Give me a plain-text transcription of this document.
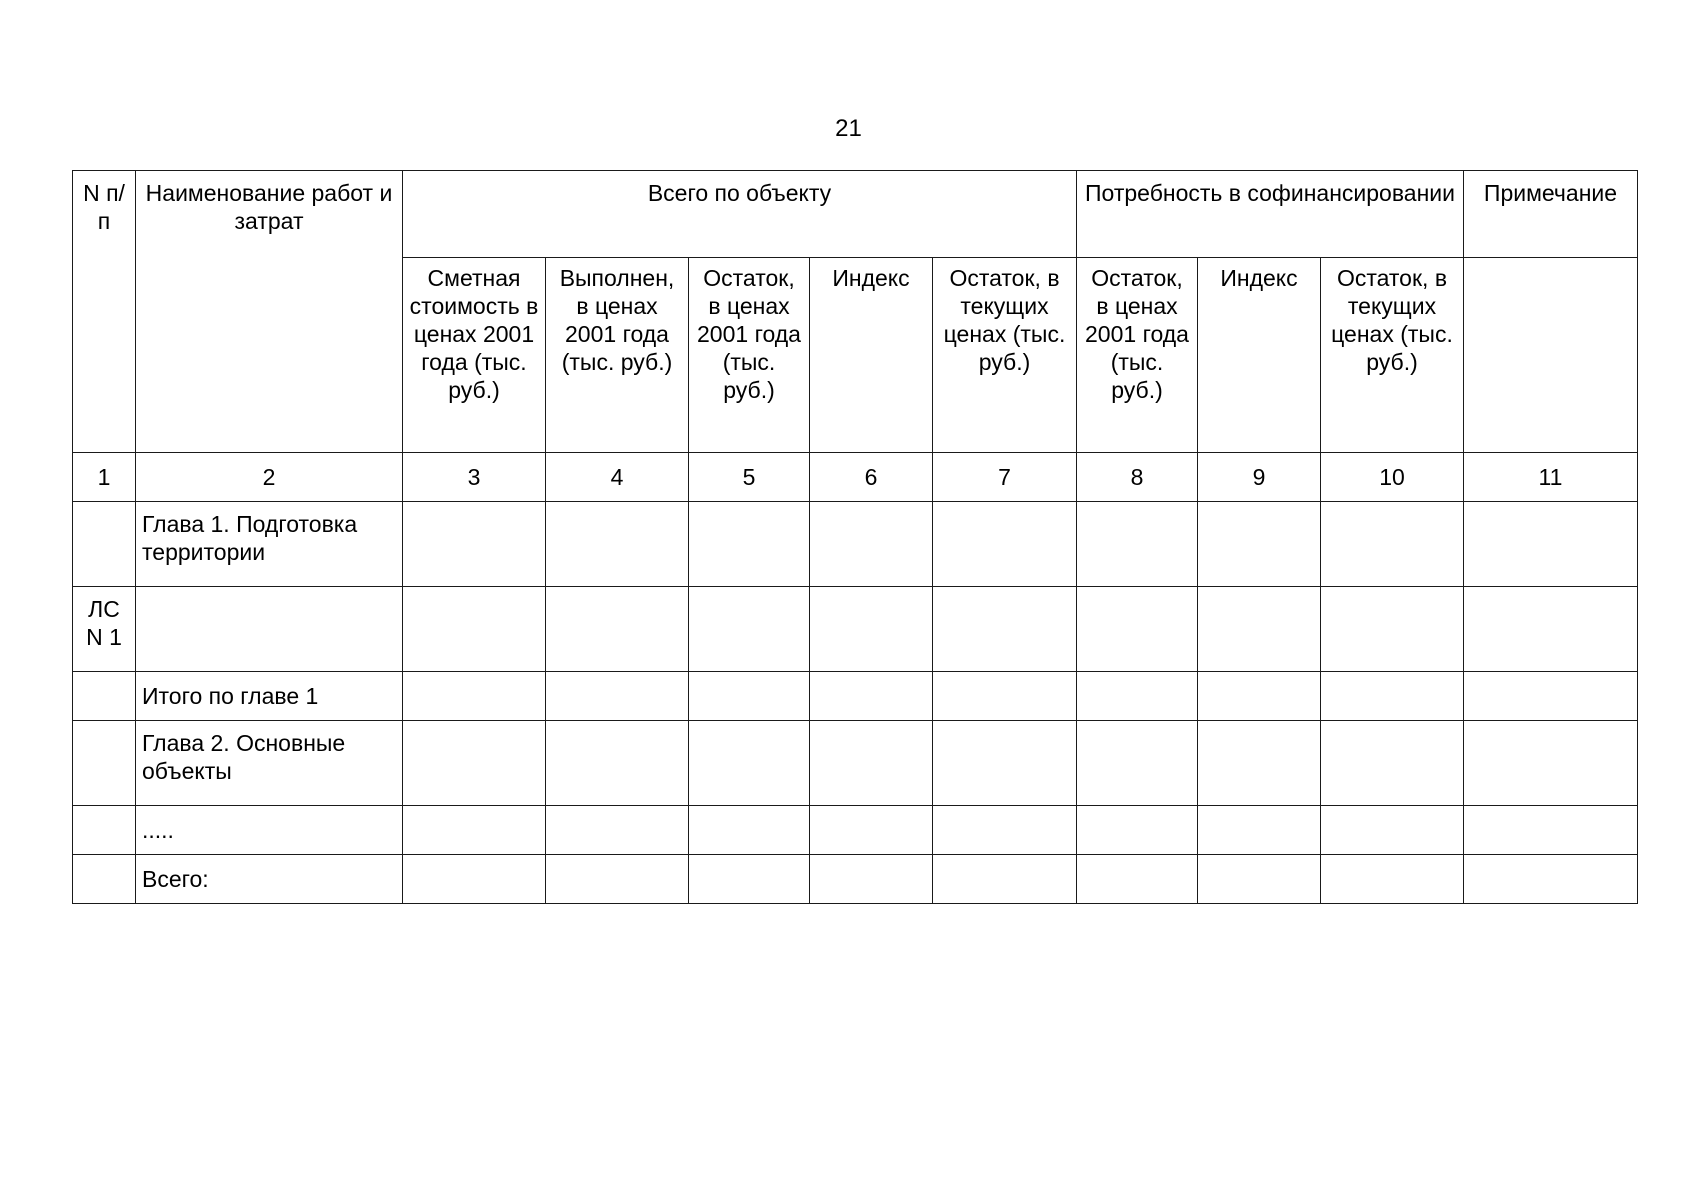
21
N п/п	Наименование работ и затрат	Всего по объекту					Потребность в софинансировании			Примечание
		Сметная стоимость в ценах 2001 года (тыс. руб.)	Выполнен, в ценах 2001 года (тыс. руб.)	Остаток, в ценах 2001 года (тыс. руб.)	Индекс	Остаток, в текущих ценах (тыс. руб.)	Остаток, в ценах 2001 года (тыс. руб.)	Индекс	Остаток, в текущих ценах (тыс. руб.)	
1	2	3	4	5	6	7	8	9	10	11
	Глава 1. Подготовка территории									
ЛС N 1										
	Итого по главе 1									
	Глава 2. Основные объекты									
	.....									
	Всего:									
